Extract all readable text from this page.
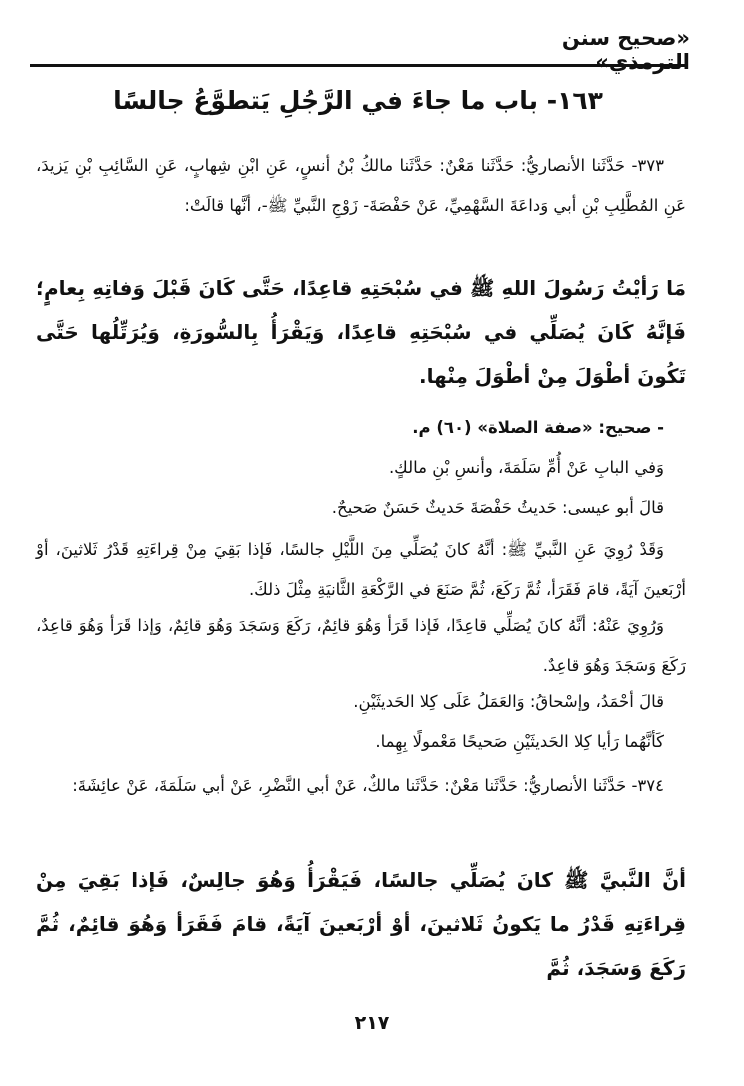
«صحيح سنن الترمذي»
١٦٣- باب ما جاءَ في الرَّجُلِ يَتطوَّعُ جالسًا
٣٧٣- حَدَّثَنا الأنصاريُّ: حَدَّثَنا مَعْنٌ: حَدَّثَنا مالكُ بْنُ أنسٍ، عَنِ ابْنِ شِهابٍ، عَنِ السَّائِبِ بْنِ يَزيدَ، عَنِ المُطَّلِبِ بْنِ أبي وَداعَةَ السَّهْمِيِّ، عَنْ حَفْصَةَ- زَوْجِ النَّبيِّ ﷺ-، أنَّها قالَتْ:
مَا رَأيْتُ رَسُولَ اللهِ ﷺ في سُبْحَتِهِ قاعِدًا، حَتَّى كَانَ قَبْلَ وَفاتِهِ بِعامٍ؛ فَإنَّهُ كَانَ يُصَلِّي في سُبْحَتِهِ قاعِدًا، وَيَقْرَأُ بِالسُّورَةِ، وَيُرَتِّلُها حَتَّى تَكُونَ أطْوَلَ مِنْ أطْوَلَ مِنْها.
- صحيح: «صفة الصلاة» (٦٠) م.
وَفي البابِ عَنْ أُمِّ سَلَمَةَ، وأنسِ بْنِ مالكٍ.
قالَ أبو عيسى: حَديثُ حَفْصَةَ حَديثٌ حَسَنٌ صَحيحٌ.
وَقَدْ رُوِيَ عَنِ النَّبيِّ ﷺ: أنَّهُ كانَ يُصَلِّي مِنَ اللَّيْلِ جالسًا، فَإذا بَقِيَ مِنْ قِراءَتِهِ قَدْرُ ثَلاثينَ، أوْ أرْبَعينَ آيَةً، قامَ فَقَرَأ، ثُمَّ رَكَعَ، ثُمَّ صَنَعَ في الرَّكْعَةِ الثَّانيَةِ مِثْلَ ذلكَ.
وَرُوِيَ عَنْهُ: أنَّهُ كانَ يُصَلِّي قاعِدًا، فَإذا قَرَأ وَهُوَ قائِمٌ، رَكَعَ وَسَجَدَ وَهُوَ قائِمٌ، وَإذا قَرَأ وَهُوَ قاعِدٌ، رَكَعَ وَسَجَدَ وَهُوَ قاعِدٌ.
قالَ أحْمَدُ، وإسْحاقُ: وَالعَمَلُ عَلَى كِلا الحَديثَيْنِ.
كَأنَّهُما رَأيا كِلا الحَديثَيْنِ صَحيحًا مَعْمولًا بِهِما.
٣٧٤- حَدَّثَنا الأنصاريُّ: حَدَّثَنا مَعْنٌ: حَدَّثَنا مالكٌ، عَنْ أبي النَّضْرِ، عَنْ أبي سَلَمَةَ، عَنْ عائِشَةَ:
أنَّ النَّبيَّ ﷺ كانَ يُصَلِّي جالسًا، فَيَقْرَأُ وَهُوَ جالِسٌ، فَإذا بَقِيَ مِنْ قِراءَتِهِ قَدْرُ ما يَكونُ ثَلاثينَ، أوْ أرْبَعينَ آيَةً، قامَ فَقَرَأ وَهُوَ قائِمٌ، ثُمَّ رَكَعَ وَسَجَدَ، ثُمَّ
٢١٧
